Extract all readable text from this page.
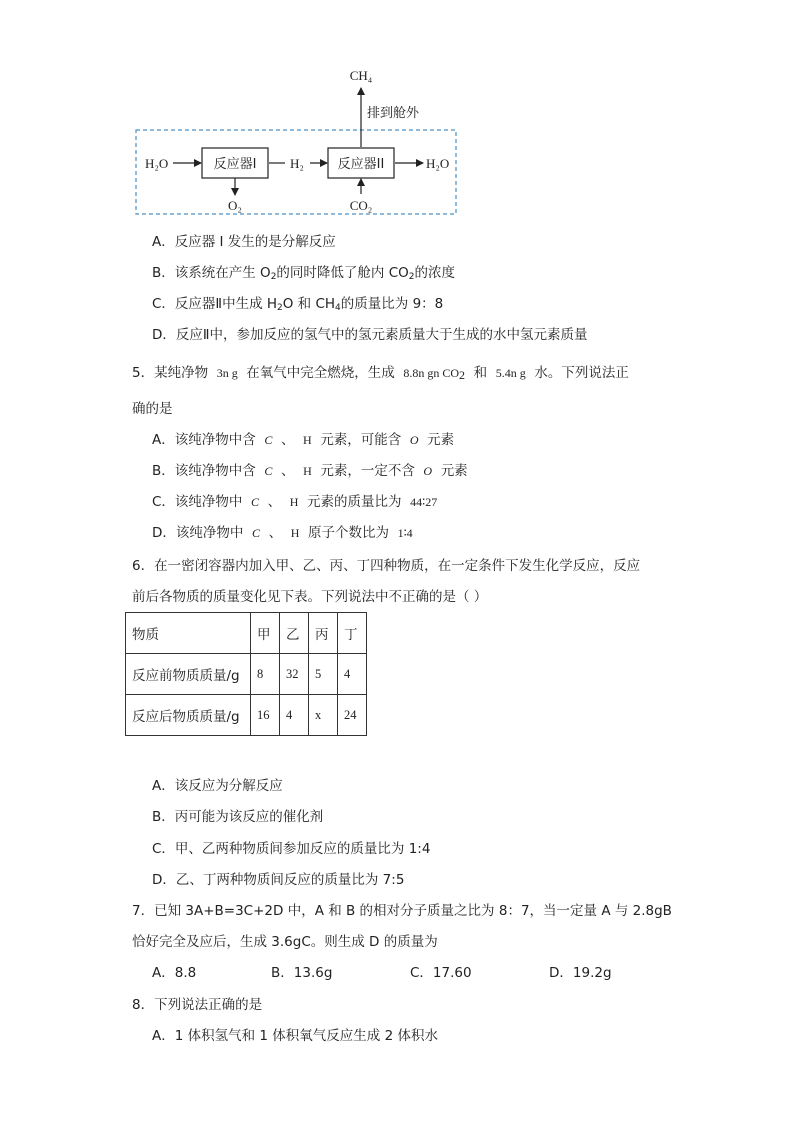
CH₄
排到舱外
H₂O	反应器I	H₂	反应器II	H₂O
O₂	CO₂
A．反应器 I 发生的是分解反应
B．该系统在产生 $O_2$的同时降低了舱内 $CO_2$的浓度
C．反应器Ⅱ中生成 $H_2O$ 和 $CH_4$的质量比为 9：8
D．反应Ⅱ中，参加反应的氢气中的氢元素质量大于生成的水中氢元素质量
5．某纯净物 3n g 在氧气中完全燃烧，生成 8.8n gn $CO_2$ 和 5.4n g 水。下列说法正
确的是
A．该纯净物中含 C 、 H 元素，可能含 O 元素
B．该纯净物中含 C 、 H 元素，一定不含 O 元素
C．该纯净物中 C 、 H 元素的质量比为 44∶27
D．该纯净物中 C 、 H 原子个数比为 1∶4
6．在一密闭容器内加入甲、乙、丙、丁四种物质，在一定条件下发生化学反应，反应
前后各物质的质量变化见下表。下列说法中不正确的是（ ）
物质	甲	乙	丙	丁
反应前物质质量/g	8	32	5	4
反应后物质质量/g	16	4	x	24
A．该反应为分解反应
B．丙可能为该反应的催化剂
C．甲、乙两种物质间参加反应的质量比为 1:4
D．乙、丁两种物质间反应的质量比为 7:5
7．已知 3A+B=3C+2D 中，A 和 B 的相对分子质量之比为 8：7，当一定量 A 与 2.8gB
恰好完全及应后，生成 3.6gC。则生成 D 的质量为
A．8.8	B．13.6g	C．17.60	D．19.2g
8．下列说法正确的是
A．1 体积氢气和 1 体积氧气反应生成 2 体积水
